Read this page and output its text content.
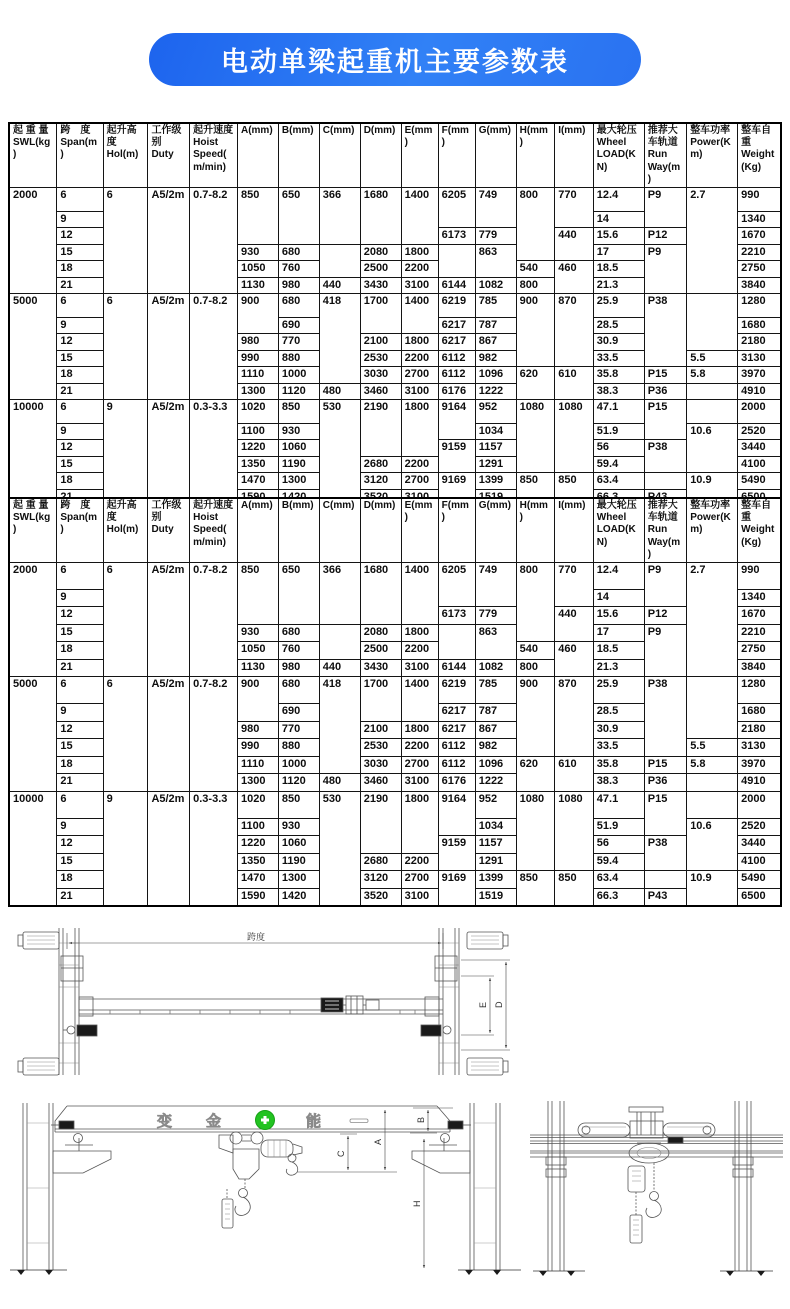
电动单梁起重机主要参数表
起 重 量 SWL(kg)	跨　度 Span(m)	起升高度 Hol(m)	工作级别 Duty	起升速度 Hoist Speed( m/min)	A(mm)	B(mm)	C(mm)	D(mm)	E(mm)	F(mm)	G(mm)	H(mm)	I(mm)	最大轮压 Wheel LOAD(KN)	推荐大车轨道 Run Way(m)	整车功率 Power(Km)	整车自重 Weight(Kg)
2000	6	6	A5/2m	0.7-8.2	850	650	366	1680	1400	6205	749	800	770	12.4	P9	2.7	990
	9													14			1340
	12									6173	779		440	15.6	P12		1670
	15				930	680		2080	1800		863			17	P9		2210
	18				1050	760		2500	2200			540	460	18.5			2750
	21				1130	980	440	3430	3100	6144	1082	800		21.3			3840
5000	6	6	A5/2m	0.7-8.2	900	680	418	1700	1400	6219	785	900	870	25.9	P38		1280
	9					690				6217	787			28.5			1680
	12				980	770		2100	1800	6217	867			30.9			2180
	15				990	880		2530	2200	6112	982			33.5		5.5	3130
	18				1110	1000		3030	2700	6112	1096	620	610	35.8	P15	5.8	3970
	21				1300	1120	480	3460	3100	6176	1222			38.3	P36		4910
10000	6	9	A5/2m	0.3-3.3	1020	850	530	2190	1800	9164	952	1080	1080	47.1	P15		2000
	9				1100	930					1034			51.9		10.6	2520
	12				1220	1060				9159	1157			56	P38		3440
	15				1350	1190		2680	2200		1291			59.4			4100
	18				1470	1300		3120	2700	9169	1399	850	850	63.4		10.9	5490

起 重 量 SWL(kg)	跨　度 Span(m)	起升高度 Hol(m)	工作级别 Duty	起升速度 Hoist Speed( m/min)	A(mm)	B(mm)	C(mm)	D(mm)	E(mm)	F(mm)	G(mm)	H(mm)	I(mm)	最大轮压 Wheel LOAD(KN)	推荐大车轨道 Run Way(m)	整车功率 Power(Km)	整车自重 Weight(Kg)
2000	6	6	A5/2m	0.7-8.2	850	650	366	1680	1400	6205	749	800	770	12.4	P9	2.7	990
	9													14			1340
	12									6173	779		440	15.6	P12		1670
	15				930	680		2080	1800		863			17	P9		2210
	18				1050	760		2500	2200			540	460	18.5			2750
	21				1130	980	440	3430	3100	6144	1082	800		21.3			3840
5000	6	6	A5/2m	0.7-8.2	900	680	418	1700	1400	6219	785	900	870	25.9	P38		1280
	9					690				6217	787			28.5			1680
	12				980	770		2100	1800	6217	867			30.9			2180
	15				990	880		2530	2200	6112	982			33.5		5.5	3130
	18				1110	1000		3030	2700	6112	1096	620	610	35.8	P15	5.8	3970
	21				1300	1120	480	3460	3100	6176	1222			38.3	P36		4910
10000	6	9	A5/2m	0.3-3.3	1020	850	530	2190	1800	9164	952	1080	1080	47.1	P15		2000
	9				1100	930					1034			51.9		10.6	2520
	12				1220	1060				9159	1157			56	P38		3440
	15				1350	1190		2680	2200		1291			59.4			4100
	18				1470	1300		3120	2700	9169	1399	850	850	63.4		10.9	5490
	21				1590	1420		3520	3100		1519			66.3	P43		6500
跨度
E D
变 金	能
C
A
B
H
